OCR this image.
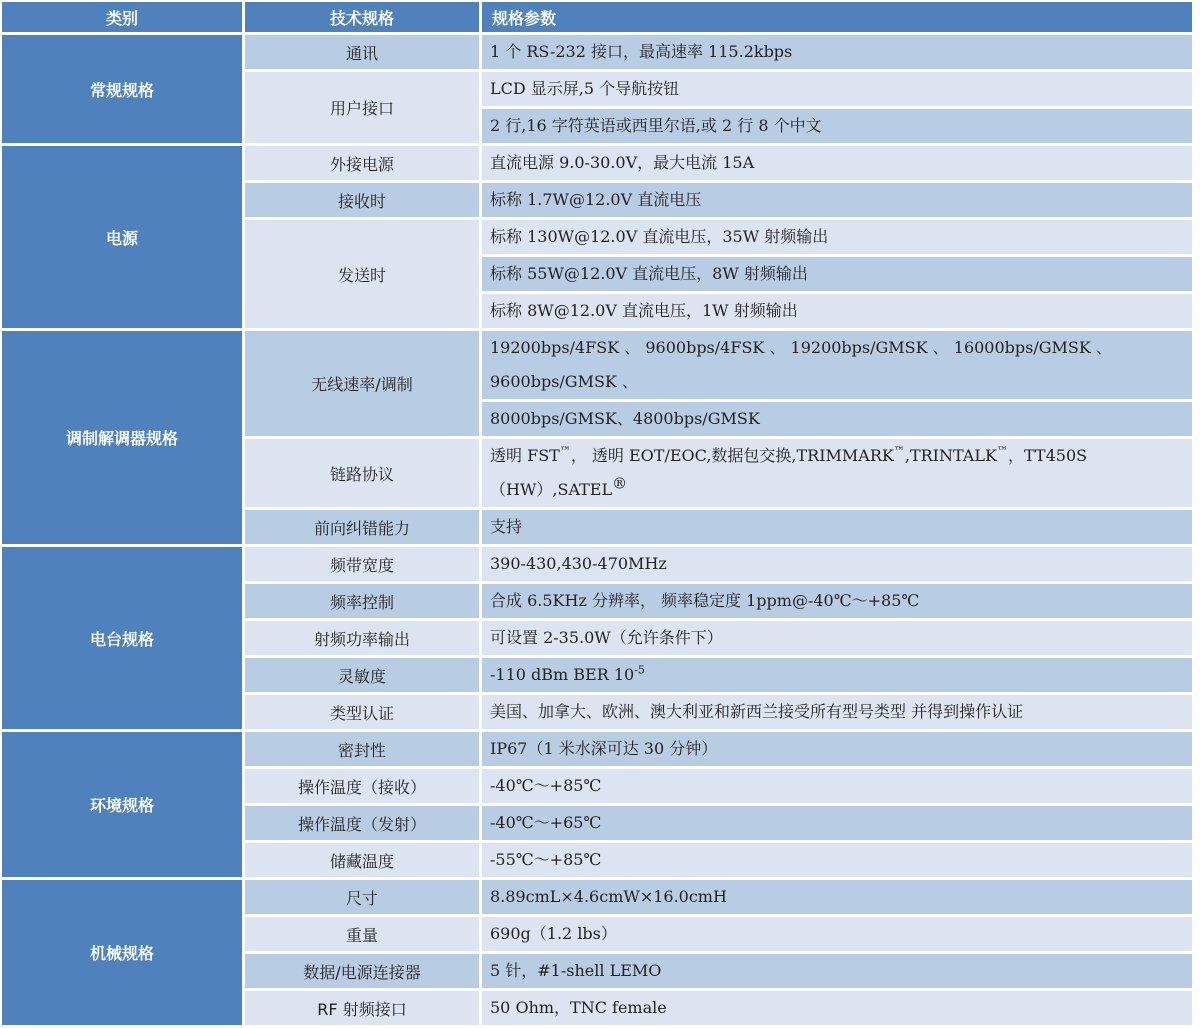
类别	技术规格	规格参数
常规规格	通讯	1 个 RS-232 接口，最高速率 115.2kbps
	用户接口	LCD 显示屏,5 个导航按钮
		2 行,16 字符英语或西里尔语,或 2 行 8 个中文
电源	外接电源	直流电源 9.0-30.0V，最大电流 15A
	接收时	标称 1.7W@12.0V 直流电压
	发送时	标称 130W@12.0V 直流电压，35W 射频输出
		标称 55W@12.0V 直流电压，8W 射频输出
		标称 8W@12.0V 直流电压，1W 射频输出
调制解调器规格	无线速率/调制	19200bps/4FSK 、 9600bps/4FSK 、 19200bps/GMSK 、 16000bps/GMSK 、 9600bps/GMSK 、
		8000bps/GMSK、4800bps/GMSK
	链路协议	透明 FST™， 透明 EOT/EOC,数据包交换,TRIMMARK™,TRINTALK™，TT450S（HW）,SATEL®
	前向纠错能力	支持
电台规格	频带宽度	390-430,430-470MHz
	频率控制	合成 6.5KHz 分辨率， 频率稳定度 1ppm@-40℃～+85℃
	射频功率输出	可设置 2-35.0W（允许条件下）
	灵敏度	-110 dBm BER $10^{-5}$
	类型认证	美国、加拿大、欧洲、澳大利亚和新西兰接受所有型号类型 并得到操作认证
环境规格	密封性	IP67（1 米水深可达 30 分钟）
	操作温度（接收）	-40℃～+85℃
	操作温度（发射）	-40℃～+65℃
	储藏温度	-55℃～+85℃
机械规格	尺寸	8.89cmL×4.6cmW×16.0cmH
	重量	690g（1.2 lbs）
	数据/电源连接器	5 针，#1-shell LEMO
	RF 射频接口	50 Ohm，TNC female
